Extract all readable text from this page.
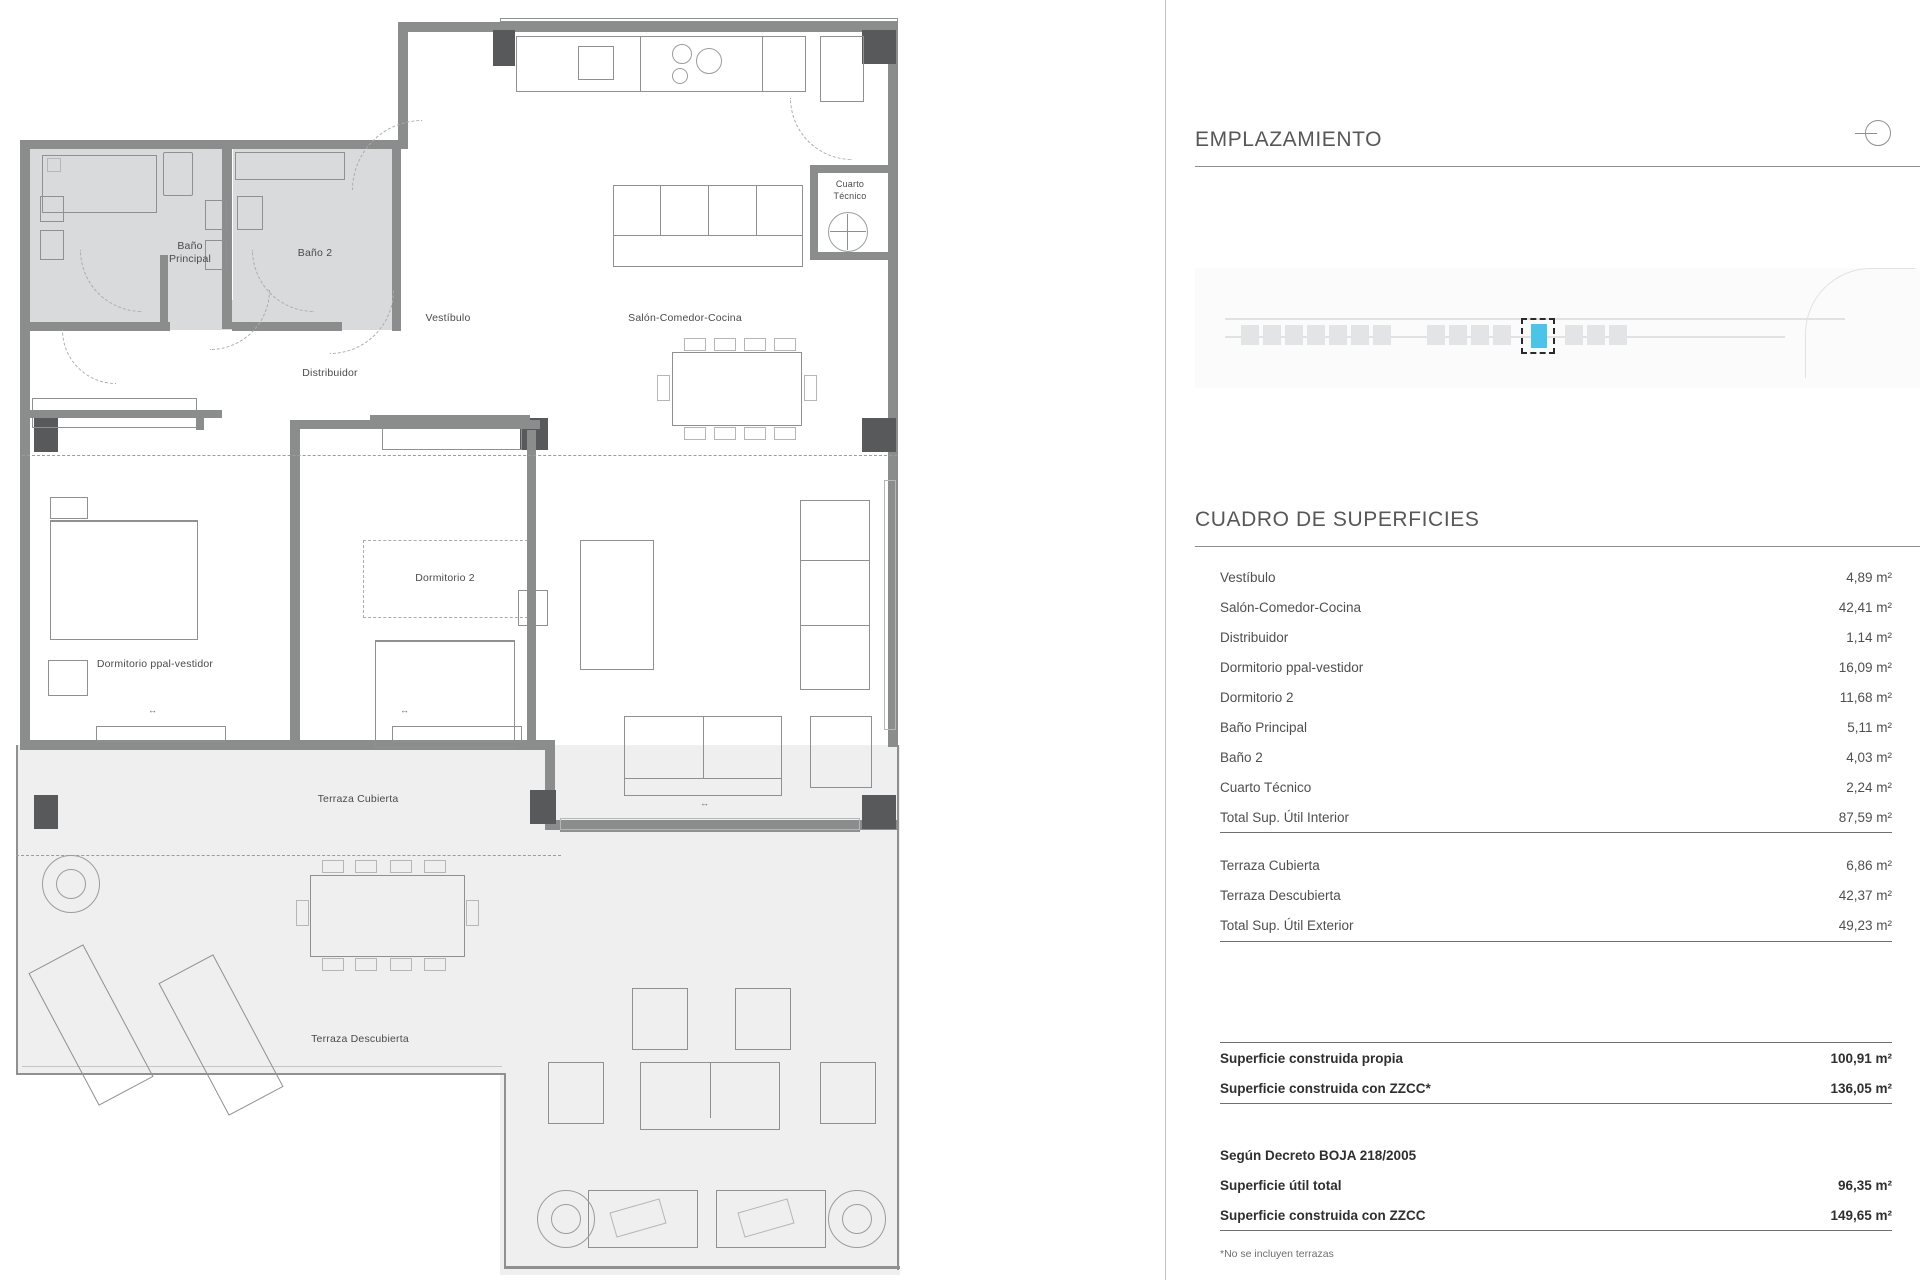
↔	↔
↔
Baño
Principal	Baño 2
Vestíbulo	Salón-Comedor-Cocina
Cuarto
Técnico
Distribuidor
Dormitorio 2
Dormitorio ppal-vestidor
Terraza Cubierta
Terraza Descubierta
EMPLAZAMIENTO
CUADRO DE SUPERFICIES
Vestíbulo	4,89 m²
Salón-Comedor-Cocina	42,41 m²
Distribuidor	1,14 m²
Dormitorio ppal-vestidor	16,09 m²
Dormitorio 2	11,68 m²
Baño Principal	5,11 m²
Baño 2	4,03 m²
Cuarto Técnico	2,24 m²
Total Sup. Útil Interior	87,59 m²

Terraza Cubierta	6,86 m²
Terraza Descubierta	42,37 m²
Total Sup. Útil Exterior	49,23 m²
Superficie construida propia	100,91 m²
Superficie construida con ZZCC*	136,05 m²
Según Decreto BOJA 218/2005
Superficie útil total	96,35 m²
Superficie construida con ZZCC	149,65 m²
*No se incluyen terrazas
